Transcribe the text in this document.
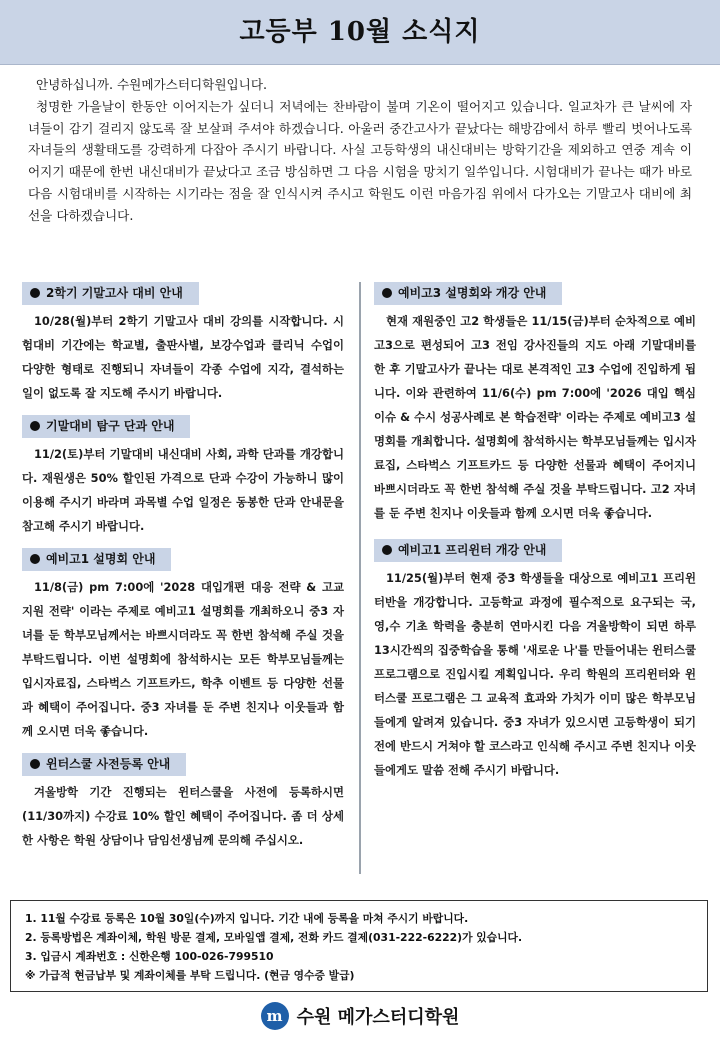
고등부 10월 소식지

안녕하십니까. 수원메가스터디학원입니다.

청명한 가을날이 한동안 이어지는가 싶더니 저녁에는 찬바람이 불며 기온이 떨어지고 있습니다. 일교차가 큰 날씨에 자녀들이 감기 걸리지 않도록 잘 보살펴 주셔야 하겠습니다. 아울러 중간고사가 끝났다는 해방감에서 하루 빨리 벗어나도록 자녀들의 생활태도를 강력하게 다잡아 주시기 바랍니다. 사실 고등학생의 내신대비는 방학기간을 제외하고 연중 계속 이어지기 때문에 한번 내신대비가 끝났다고 조금 방심하면 그 다음 시험을 망치기 일쑤입니다. 시험대비가 끝나는 때가 바로 다음 시험대비를 시작하는 시기라는 점을 잘 인식시켜 주시고 학원도 이런 마음가짐 위에서 다가오는 기말고사 대비에 최선을 다하겠습니다.

2학기 기말고사 대비 안내

10/28(월)부터 2학기 기말고사 대비 강의를 시작합니다. 시험대비 기간에는 학교별, 출판사별, 보강수업과 클리닉 수업이 다양한 형태로 진행되니 자녀들이 각종 수업에 지각, 결석하는 일이 없도록 잘 지도해 주시기 바랍니다.

기말대비 탐구 단과 안내

11/2(토)부터 기말대비 내신대비 사회, 과학 단과를 개강합니다. 재원생은 50% 할인된 가격으로 단과 수강이 가능하니 많이 이용해 주시기 바라며 과목별 수업 일정은 동봉한 단과 안내문을 참고해 주시기 바랍니다.

예비고1 설명회 안내

11/8(금) pm 7:00에 '2028 대입개편 대응 전략 & 고교 지원 전략' 이라는 주제로 예비고1 설명회를 개최하오니 중3 자녀를 둔 학부모님께서는 바쁘시더라도 꼭 한번 참석해 주실 것을 부탁드립니다. 이번 설명회에 참석하시는 모든 학부모님들께는 입시자료집, 스타벅스 기프트카드, 학추 이벤트 등 다양한 선물과 혜택이 주어집니다. 중3 자녀를 둔 주변 친지나 이웃들과 함께 오시면 더욱 좋습니다.

윈터스쿨 사전등록 안내

겨울방학 기간 진행되는 윈터스쿨을 사전에 등록하시면(11/30까지) 수강료 10% 할인 혜택이 주어집니다. 좀 더 상세한 사항은 학원 상담이나 담임선생님께 문의해 주십시오.

예비고3 설명회와 개강 안내

현재 재원중인 고2 학생들은 11/15(금)부터 순차적으로 예비고3으로 편성되어 고3 전임 강사진들의 지도 아래 기말대비를 한 후 기말고사가 끝나는 대로 본격적인 고3 수업에 진입하게 됩니다. 이와 관련하여 11/6(수) pm 7:00에 '2026 대입 핵심이슈 & 수시 성공사례로 본 학습전략' 이라는 주제로 예비고3 설명회를 개최합니다. 설명회에 참석하시는 학부모님들께는 입시자료집, 스타벅스 기프트카드 등 다양한 선물과 혜택이 주어지니 바쁘시더라도 꼭 한번 참석해 주실 것을 부탁드립니다. 고2 자녀를 둔 주변 친지나 이웃들과 함께 오시면 더욱 좋습니다.

예비고1 프리윈터 개강 안내

11/25(월)부터 현재 중3 학생들을 대상으로 예비고1 프리윈터반을 개강합니다. 고등학교 과정에 필수적으로 요구되는 국,영,수 기초 학력을 충분히 연마시킨 다음 겨울방학이 되면 하루 13시간씩의 집중학습을 통해 '새로운 나'를 만들어내는 윈터스쿨 프로그램으로 진입시킬 계획입니다. 우리 학원의 프리윈터와 윈터스쿨 프로그램은 그 교육적 효과와 가치가 이미 많은 학부모님들에게 알려져 있습니다. 중3 자녀가 있으시면 고등학생이 되기 전에 반드시 거쳐야 할 코스라고 인식해 주시고 주변 친지나 이웃들에게도 말씀 전해 주시기 바랍니다.

1. 11월 수강료 등록은 10월 30일(수)까지 입니다. 기간 내에 등록을 마쳐 주시기 바랍니다.
2. 등록방법은 계좌이체, 학원 방문 결제, 모바일앱 결제, 전화 카드 결제(031-222-6222)가 있습니다.
3. 입금시 계좌번호 : 신한은행 100-026-799510
※ 가급적 현금납부 및 계좌이체를 부탁 드립니다. (현금 영수증 발급)
m 수원 메가스터디학원
